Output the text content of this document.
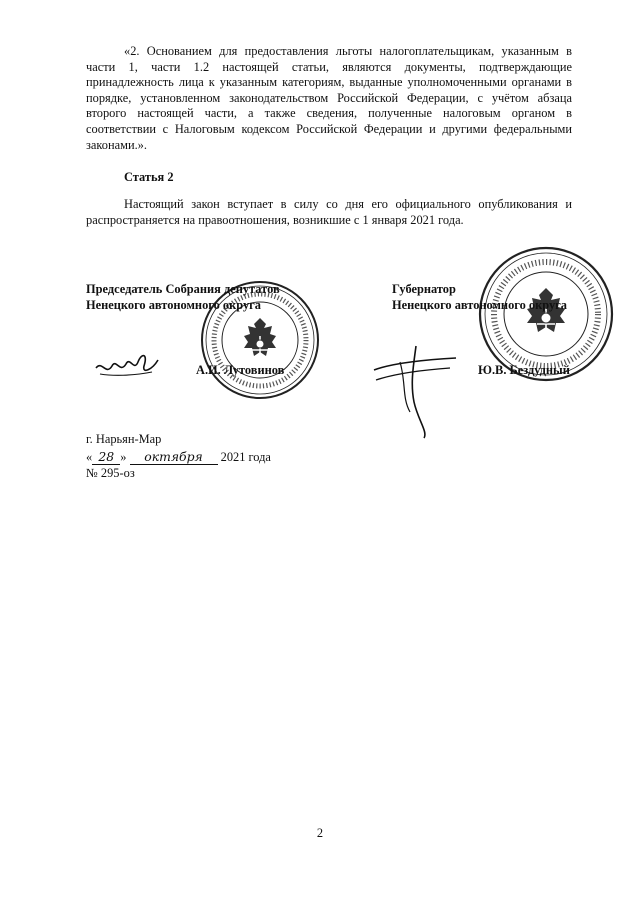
«2. Основанием для предоставления льготы налогоплательщикам, указанным в части 1, части 1.2 настоящей статьи, являются документы, подтверждающие принадлежность лица к указанным категориям, выданные уполномоченными органами в порядке, установленном законодательством Российской Федерации, с учётом абзаца второго настоящей части, а также сведения, полученные налоговым органом в соответствии с Налоговым кодексом Российской Федерации и другими федеральными законами.».

Статья 2

Настоящий закон вступает в силу со дня его официального опубликования и распространяется на правоотношения, возникшие с 1 января 2021 года.

Председатель Собрания депутатов
Ненецкого автономного округа

Губернатор
Ненецкого автономного округа

А.И. Лутовинов	Ю.В. Бездудный

г. Нарьян-Мар

« 28 » октября 2021 года

№ 295-оз

2
